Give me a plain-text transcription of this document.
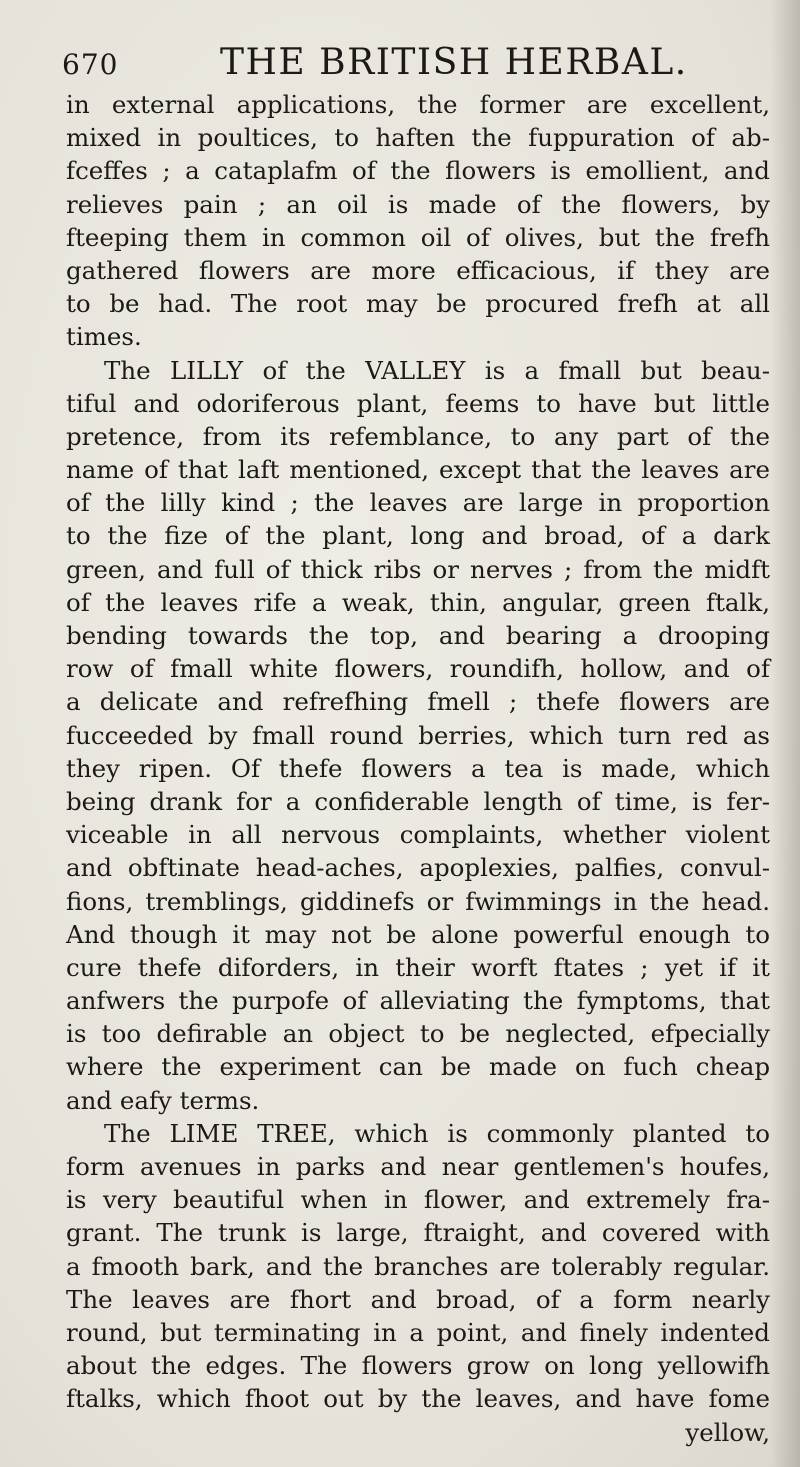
670	THE BRITISH HERBAL.
in external applications, the former are excellent,
mixed in poultices, to haften the fuppuration of ab-
fceffes ; a cataplafm of the flowers is emollient, and
relieves pain ; an oil is made of the flowers, by
fteeping them in common oil of olives, but the frefh
gathered flowers are more efficacious, if they are
to be had. The root may be procured frefh at all
times.
The LILLY of the VALLEY is a fmall but beau-
tiful and odoriferous plant, feems to have but little
pretence, from its refemblance, to any part of the
name of that laft mentioned, except that the leaves are
of the lilly kind ; the leaves are large in proportion
to the fize of the plant, long and broad, of a dark
green, and full of thick ribs or nerves ; from the midft
of the leaves rife a weak, thin, angular, green ftalk,
bending towards the top, and bearing a drooping
row of fmall white flowers, roundifh, hollow, and of
a delicate and refrefhing fmell ; thefe flowers are
fucceeded by fmall round berries, which turn red as
they ripen. Of thefe flowers a tea is made, which
being drank for a confiderable length of time, is fer-
viceable in all nervous complaints, whether violent
and obftinate head-aches, apoplexies, palfies, convul-
fions, tremblings, giddinefs or fwimmings in the head.
And though it may not be alone powerful enough to
cure thefe diforders, in their worft ftates ; yet if it
anfwers the purpofe of alleviating the fymptoms, that
is too defirable an object to be neglected, efpecially
where the experiment can be made on fuch cheap
and eafy terms.
The LIME TREE, which is commonly planted to
form avenues in parks and near gentlemen's houfes,
is very beautiful when in flower, and extremely fra-
grant. The trunk is large, ftraight, and covered with
a fmooth bark, and the branches are tolerably regular.
The leaves are fhort and broad, of a form nearly
round, but terminating in a point, and finely indented
about the edges. The flowers grow on long yellowifh
ftalks, which fhoot out by the leaves, and have fome
yellow,
